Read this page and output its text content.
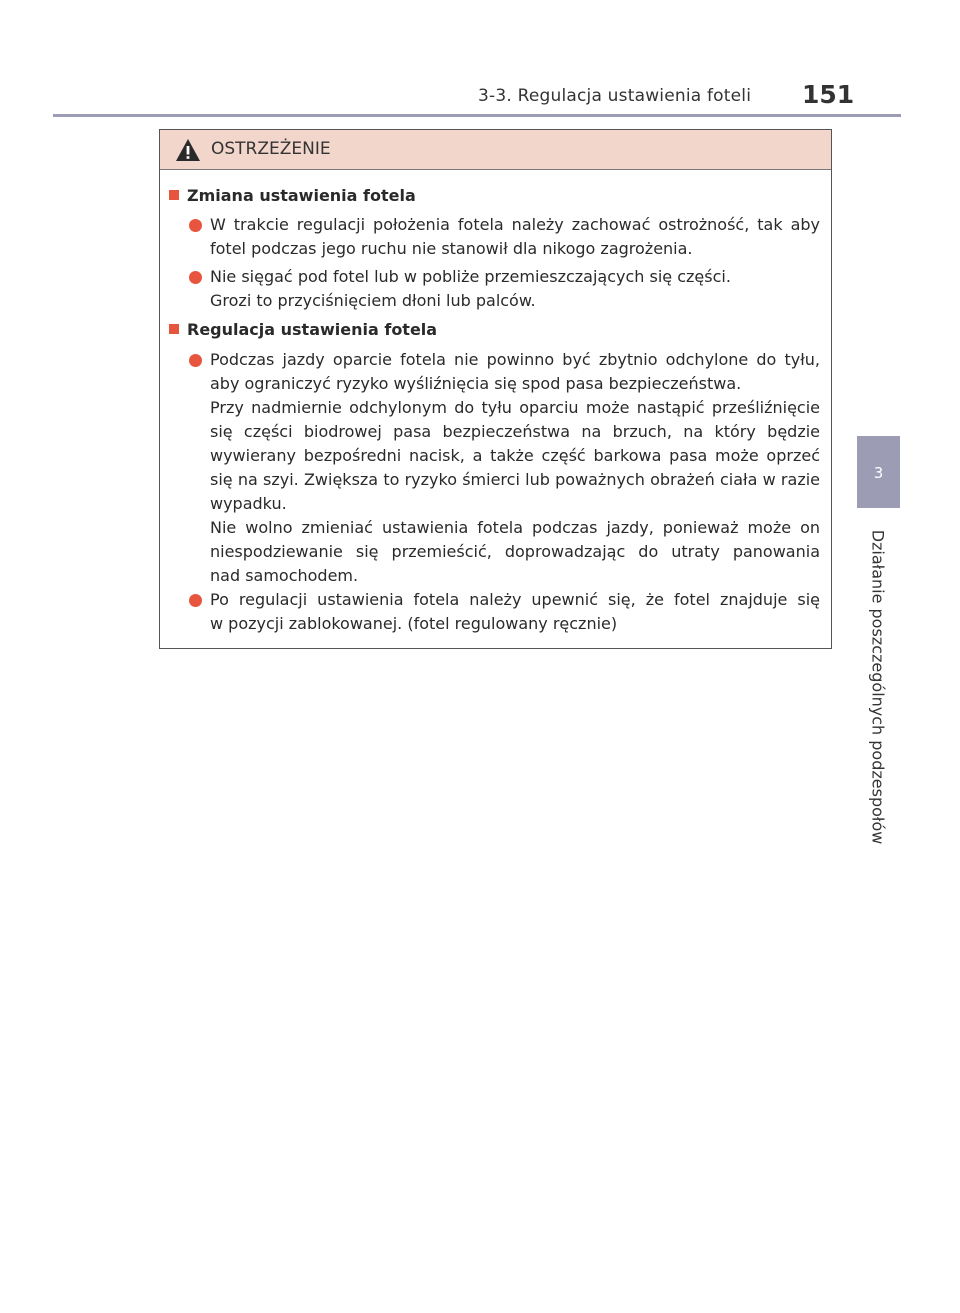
3-3. Regulacja ustawienia foteli 151
3
Działanie poszczególnych podzespołów
OSTRZEŻENIE
Zmiana ustawienia fotela
W trakcie regulacji położenia fotela należy zachować ostrożność, tak aby
fotel podczas jego ruchu nie stanowił dla nikogo zagrożenia.
Nie sięgać pod fotel lub w pobliże przemieszczających się części.
Grozi to przyciśnięciem dłoni lub palców.
Regulacja ustawienia fotela
Podczas jazdy oparcie fotela nie powinno być zbytnio odchylone do tyłu,
aby ograniczyć ryzyko wyśliźnięcia się spod pasa bezpieczeństwa.
Przy nadmiernie odchylonym do tyłu oparciu może nastąpić prześliźnięcie
się części biodrowej pasa bezpieczeństwa na brzuch, na który będzie
wywierany bezpośredni nacisk, a także część barkowa pasa może oprzeć
się na szyi. Zwiększa to ryzyko śmierci lub poważnych obrażeń ciała w razie
wypadku.
Nie wolno zmieniać ustawienia fotela podczas jazdy, ponieważ może on
niespodziewanie się przemieścić, doprowadzając do utraty panowania
nad samochodem.
Po regulacji ustawienia fotela należy upewnić się, że fotel znajduje się
w pozycji zablokowanej. (fotel regulowany ręcznie)
